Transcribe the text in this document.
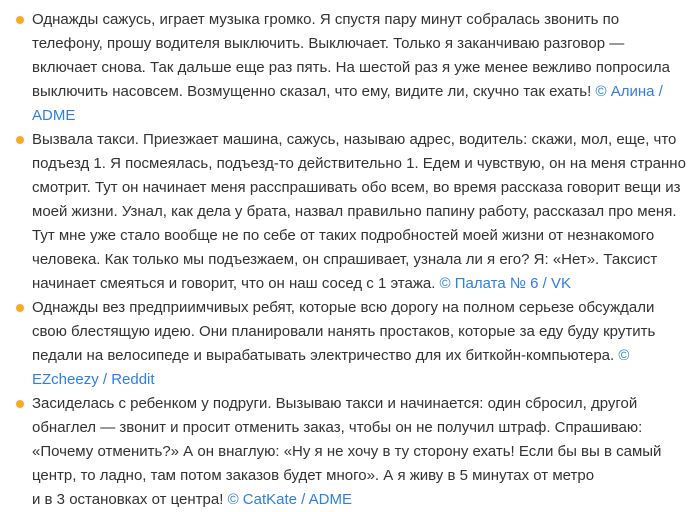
Однажды сажусь, играет музыка громко. Я спустя пару минут собралась звонить по телефону, прошу водителя выключить. Выключает. Только я заканчиваю разговор — включает снова. Так дальше еще раз пять. На шестой раз я уже менее вежливо попросила выключить насовсем. Возмущенно сказал, что ему, видите ли, скучно так ехать! © Алина / ADME
Вызвала такси. Приезжает машина, сажусь, называю адрес, водитель: скажи, мол, еще, что подъезд 1. Я посмеялась, подъезд-то действительно 1. Едем и чувствую, он на меня странно смотрит. Тут он начинает меня расспрашивать обо всем, во время рассказа говорит вещи из моей жизни. Узнал, как дела у брата, назвал правильно папину работу, рассказал про меня. Тут мне уже стало вообще не по себе от таких подробностей моей жизни от незнакомого человека. Как только мы подъезжаем, он спрашивает, узнала ли я его? Я: «Нет». Таксист начинает смеяться и говорит, что он наш сосед с 1 этажа. © Палата № 6 / VK
Однажды вез предприимчивых ребят, которые всю дорогу на полном серьезе обсуждали свою блестящую идею. Они планировали нанять простаков, которые за еду буду крутить педали на велосипеде и вырабатывать электричество для их биткойн-компьютера. © EZcheezy / Reddit
Засиделась с ребенком у подруги. Вызываю такси и начинается: один сбросил, другой обнаглел — звонит и просит отменить заказ, чтобы он не получил штраф. Спрашиваю: «Почему отменить?» А он внаглую: «Ну я не хочу в ту сторону ехать! Если бы вы в самый центр, то ладно, там потом заказов будет много». А я живу в 5 минутах от метро и в 3 остановках от центра! © CatKate / ADME
